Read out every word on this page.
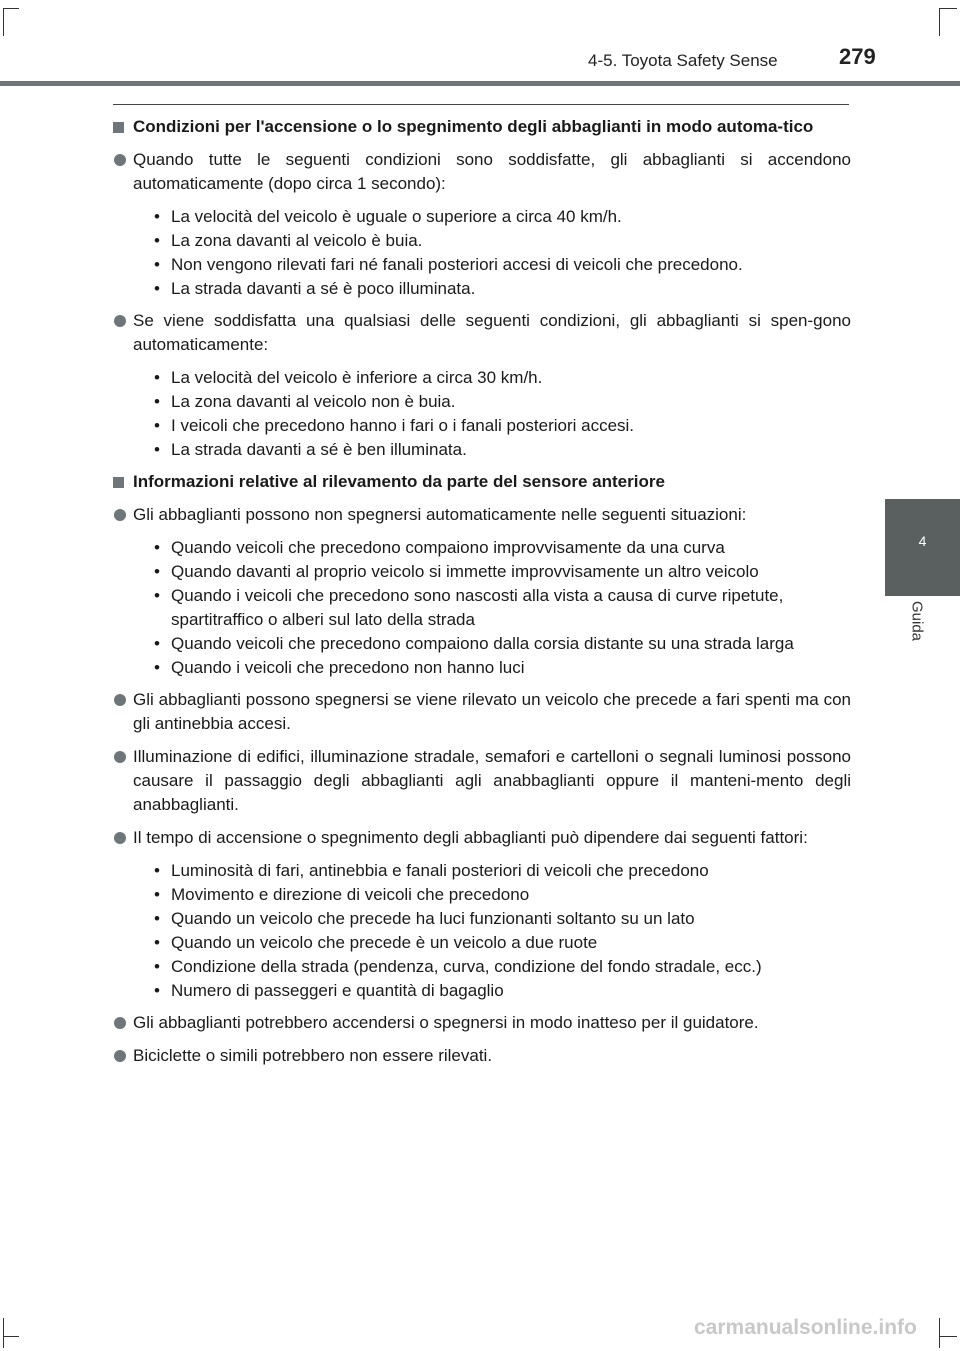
4-5. Toyota Safety Sense	279
4
Guida
Condizioni per l'accensione o lo spegnimento degli abbaglianti in modo automa-tico
Quando tutte le seguenti condizioni sono soddisfatte, gli abbaglianti si accendono automaticamente (dopo circa 1 secondo):
• La velocità del veicolo è uguale o superiore a circa 40 km/h.
• La zona davanti al veicolo è buia.
• Non vengono rilevati fari né fanali posteriori accesi di veicoli che precedono.
• La strada davanti a sé è poco illuminata.
Se viene soddisfatta una qualsiasi delle seguenti condizioni, gli abbaglianti si spen-gono automaticamente:
• La velocità del veicolo è inferiore a circa 30 km/h.
• La zona davanti al veicolo non è buia.
• I veicoli che precedono hanno i fari o i fanali posteriori accesi.
• La strada davanti a sé è ben illuminata.
Informazioni relative al rilevamento da parte del sensore anteriore
Gli abbaglianti possono non spegnersi automaticamente nelle seguenti situazioni:
• Quando veicoli che precedono compaiono improvvisamente da una curva
• Quando davanti al proprio veicolo si immette improvvisamente un altro veicolo
• Quando i veicoli che precedono sono nascosti alla vista a causa di curve ripetute, spartitraffico o alberi sul lato della strada
• Quando veicoli che precedono compaiono dalla corsia distante su una strada larga
• Quando i veicoli che precedono non hanno luci
Gli abbaglianti possono spegnersi se viene rilevato un veicolo che precede a fari spenti ma con gli antinebbia accesi.
Illuminazione di edifici, illuminazione stradale, semafori e cartelloni o segnali luminosi possono causare il passaggio degli abbaglianti agli anabbaglianti oppure il manteni-mento degli anabbaglianti.
Il tempo di accensione o spegnimento degli abbaglianti può dipendere dai seguenti fattori:
• Luminosità di fari, antinebbia e fanali posteriori di veicoli che precedono
• Movimento e direzione di veicoli che precedono
• Quando un veicolo che precede ha luci funzionanti soltanto su un lato
• Quando un veicolo che precede è un veicolo a due ruote
• Condizione della strada (pendenza, curva, condizione del fondo stradale, ecc.)
• Numero di passeggeri e quantità di bagaglio
Gli abbaglianti potrebbero accendersi o spegnersi in modo inatteso per il guidatore.
Biciclette o simili potrebbero non essere rilevati.
carmanualsonline.info
